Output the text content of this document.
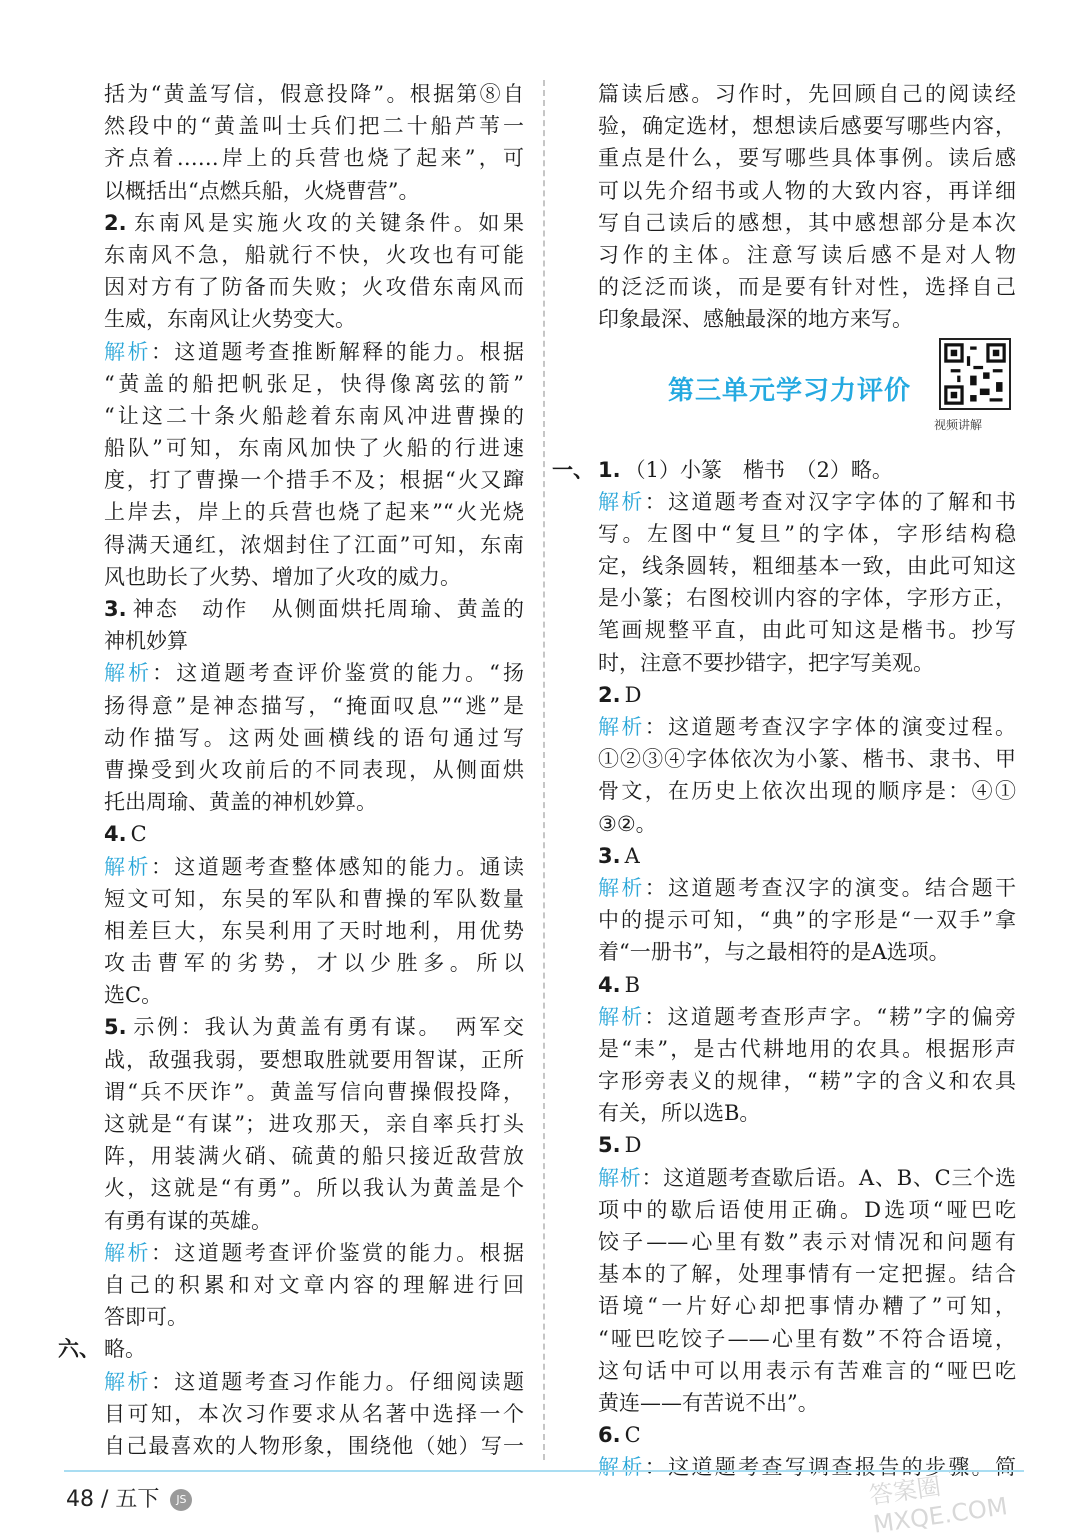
括为“黄盖写信，假意投降”。根据第⑧自
然段中的“黄盖叫士兵们把二十船芦苇一
齐点着……岸上的兵营也烧了起来”，可
以概括出“点燃兵船，火烧曹营”。
2. 东南风是实施火攻的关键条件。如果
东南风不急，船就行不快，火攻也有可能
因对方有了防备而失败；火攻借东南风而
生威，东南风让火势变大。
解析：这道题考查推断解释的能力。根据
“黄盖的船把帆张足，快得像离弦的箭”
“让这二十条火船趁着东南风冲进曹操的
船队”可知，东南风加快了火船的行进速
度，打了曹操一个措手不及；根据“火又蹿
上岸去，岸上的兵营也烧了起来”“火光烧
得满天通红，浓烟封住了江面”可知，东南
风也助长了火势、增加了火攻的威力。
3. 神态　动作　从侧面烘托周瑜、黄盖的
神机妙算
解析：这道题考查评价鉴赏的能力。“扬
扬得意”是神态描写，“掩面叹息”“逃”是
动作描写。这两处画横线的语句通过写
曹操受到火攻前后的不同表现，从侧面烘
托出周瑜、黄盖的神机妙算。
4. C
解析：这道题考查整体感知的能力。通读
短文可知，东吴的军队和曹操的军队数量
相差巨大，东吴利用了天时地利，用优势
攻击曹军的劣势，才以少胜多。所以
选C。
5. 示例：我认为黄盖有勇有谋。　两军交
战，敌强我弱，要想取胜就要用智谋，正所
谓“兵不厌诈”。黄盖写信向曹操假投降，
这就是“有谋”；进攻那天，亲自率兵打头
阵，用装满火硝、硫黄的船只接近敌营放
火，这就是“有勇”。所以我认为黄盖是个
有勇有谋的英雄。
解析：这道题考查评价鉴赏的能力。根据
自己的积累和对文章内容的理解进行回
答即可。
六、 略。
解析：这道题考查习作能力。仔细阅读题
目可知，本次习作要求从名著中选择一个
自己最喜欢的人物形象，围绕他（她）写一
篇读后感。习作时，先回顾自己的阅读经
验，确定选材，想想读后感要写哪些内容，
重点是什么，要写哪些具体事例。读后感
可以先介绍书或人物的大致内容，再详细
写自己读后的感想，其中感想部分是本次
习作的主体。注意写读后感不是对人物
的泛泛而谈，而是要有针对性，选择自己
印象最深、感触最深的地方来写。
第三单元学习力评价
视频讲解
一、 1. （1）小篆　楷书　（2）略。
解析：这道题考查对汉字字体的了解和书
写。左图中“复旦”的字体，字形结构稳
定，线条圆转，粗细基本一致，由此可知这
是小篆；右图校训内容的字体，字形方正，
笔画规整平直，由此可知这是楷书。抄写
时，注意不要抄错字，把字写美观。
2. D
解析：这道题考查汉字字体的演变过程。
①②③④字体依次为小篆、楷书、隶书、甲
骨文，在历史上依次出现的顺序是：④①
③②。
3. A
解析：这道题考查汉字的演变。结合题干
中的提示可知，“典”的字形是“一双手”拿
着“一册书”，与之最相符的是A选项。
4. B
解析：这道题考查形声字。“耢”字的偏旁
是“耒”，是古代耕地用的农具。根据形声
字形旁表义的规律，“耢”字的含义和农具
有关，所以选B。
5. D
解析：这道题考查歇后语。A、B、C三个选
项中的歇后语使用正确。D选项“哑巴吃
饺子——心里有数”表示对情况和问题有
基本的了解，处理事情有一定把握。结合
语境“一片好心却把事情办糟了”可知，
“哑巴吃饺子——心里有数”不符合语境，
这句话中可以用表示有苦难言的“哑巴吃
黄连——有苦说不出”。
6. C
解析：这道题考查写调查报告的步骤。简
48 / 五下 JS	答案圈 MXQE.COM
